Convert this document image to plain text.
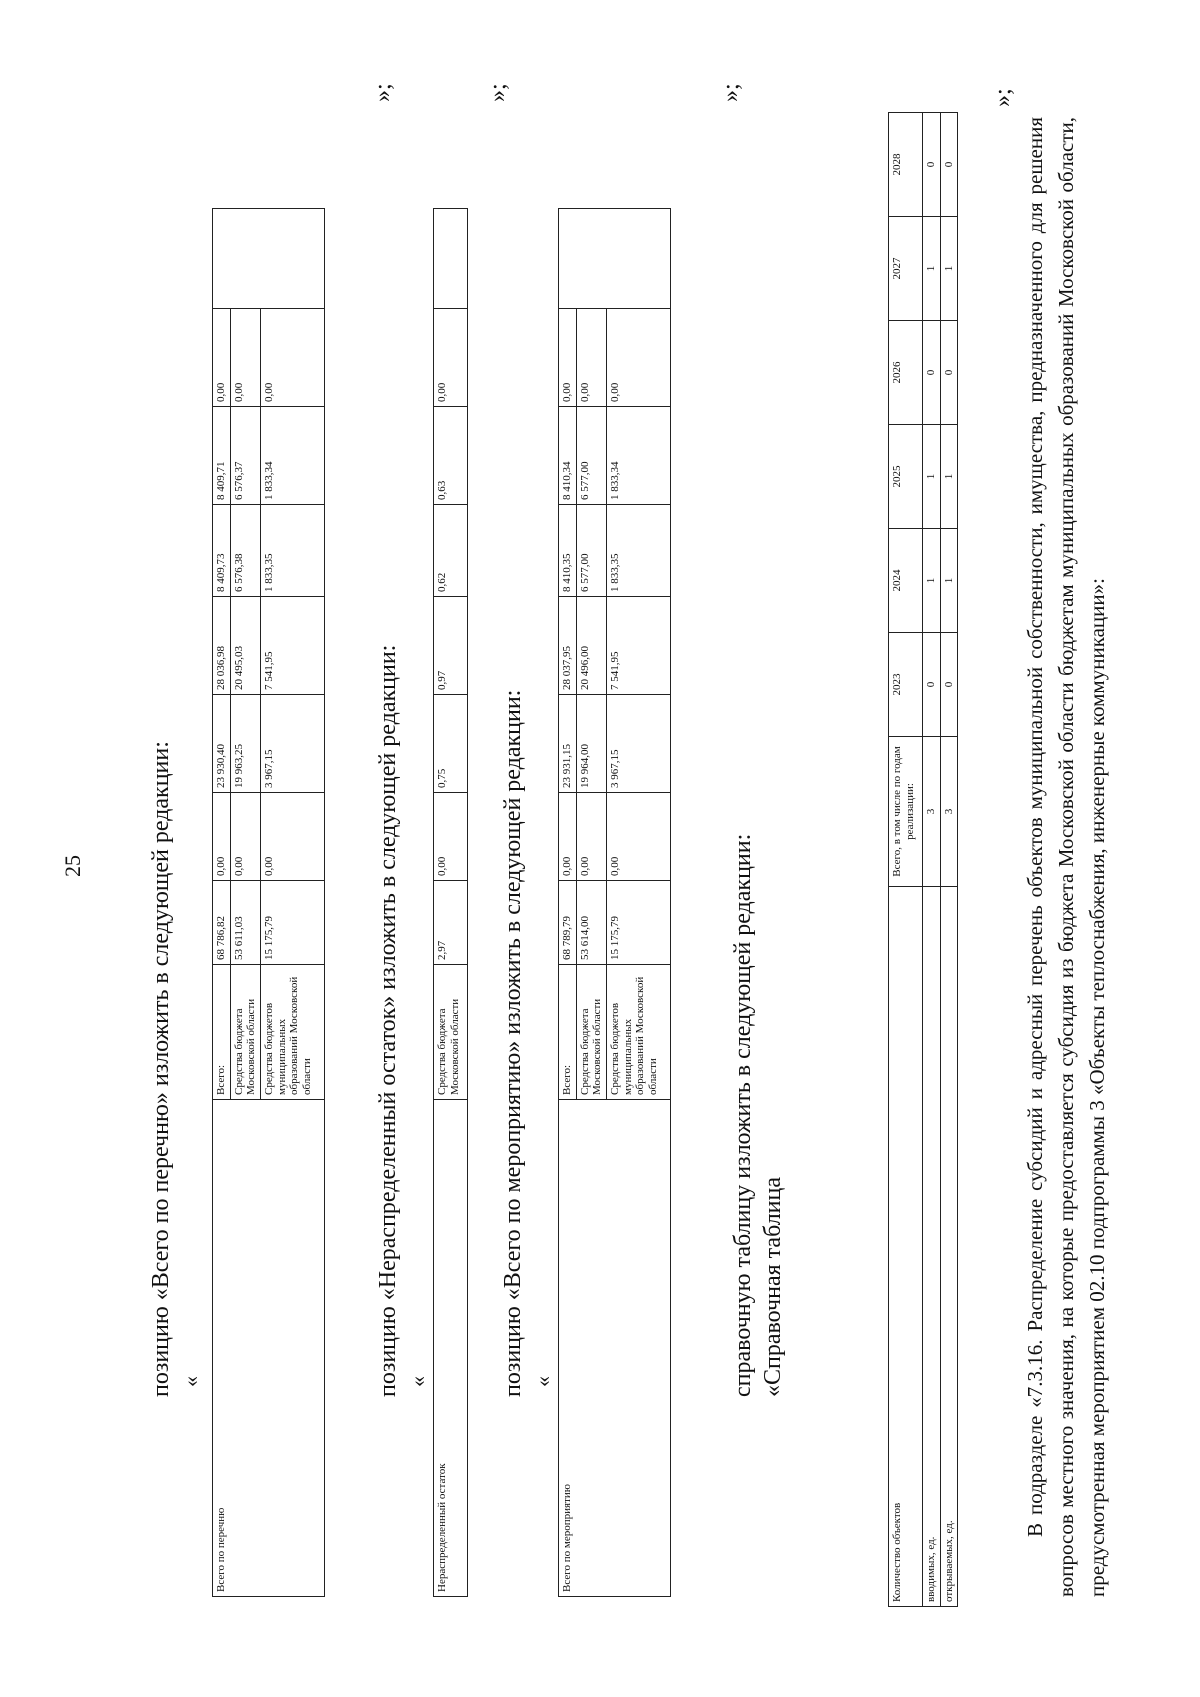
25	позицию «Всего по перечню» изложить в следующей редакции: «
Всего по перечню	Всего:	68 786,82	0,00	23 930,40	28 036,98	8 409,73	8 409,71	0,00	
	Средства бюджета Московской области	53 611,03	0,00	19 963,25	20 495,03	6 576,38	6 576,37	0,00	
	Средства бюджетов муниципальных образований Московской области	15 175,79	0,00	3 967,15	7 541,95	1 833,35	1 833,34	0,00	
»;
позицию «Нераспределенный остаток» изложить в следующей редакции: «
Нераспределенный остаток	Средства бюджета Московской области	2,97	0,00	0,75	0,97	0,62	0,63	0,00	
»;
позицию «Всего по мероприятию» изложить в следующей редакции: «
Всего по мероприятию	Всего:	68 789,79	0,00	23 931,15	28 037,95	8 410,35	8 410,34	0,00	
	Средства бюджета Московской области	53 614,00	0,00	19 964,00	20 496,00	6 577,00	6 577,00	0,00	
	Средства бюджетов муниципальных образований Московской области	15 175,79	0,00	3 967,15	7 541,95	1 833,35	1 833,34	0,00	
»;
справочную таблицу изложить в следующей редакции: «Справочная таблица
Количество объектов	Всего, в том числе по годам реализации:	2023	2024	2025	2026	2027	2028
вводимых, ед.	3	0	1	1	0	1	0
открываемых, ед.	3	0	1	1	0	1	0
»;
В подразделе «7.3.16. Распределение субсидий и адресный перечень объектов муниципальной собственности, имущества, предназначенного для решения вопросов местного значения, на которые предоставляется субсидия из бюджета Московской области бюджетам муниципальных образований Московской области, предусмотренная мероприятием 02.10 подпрограммы 3 «Объекты теплоснабжения, инженерные коммуникации»:
